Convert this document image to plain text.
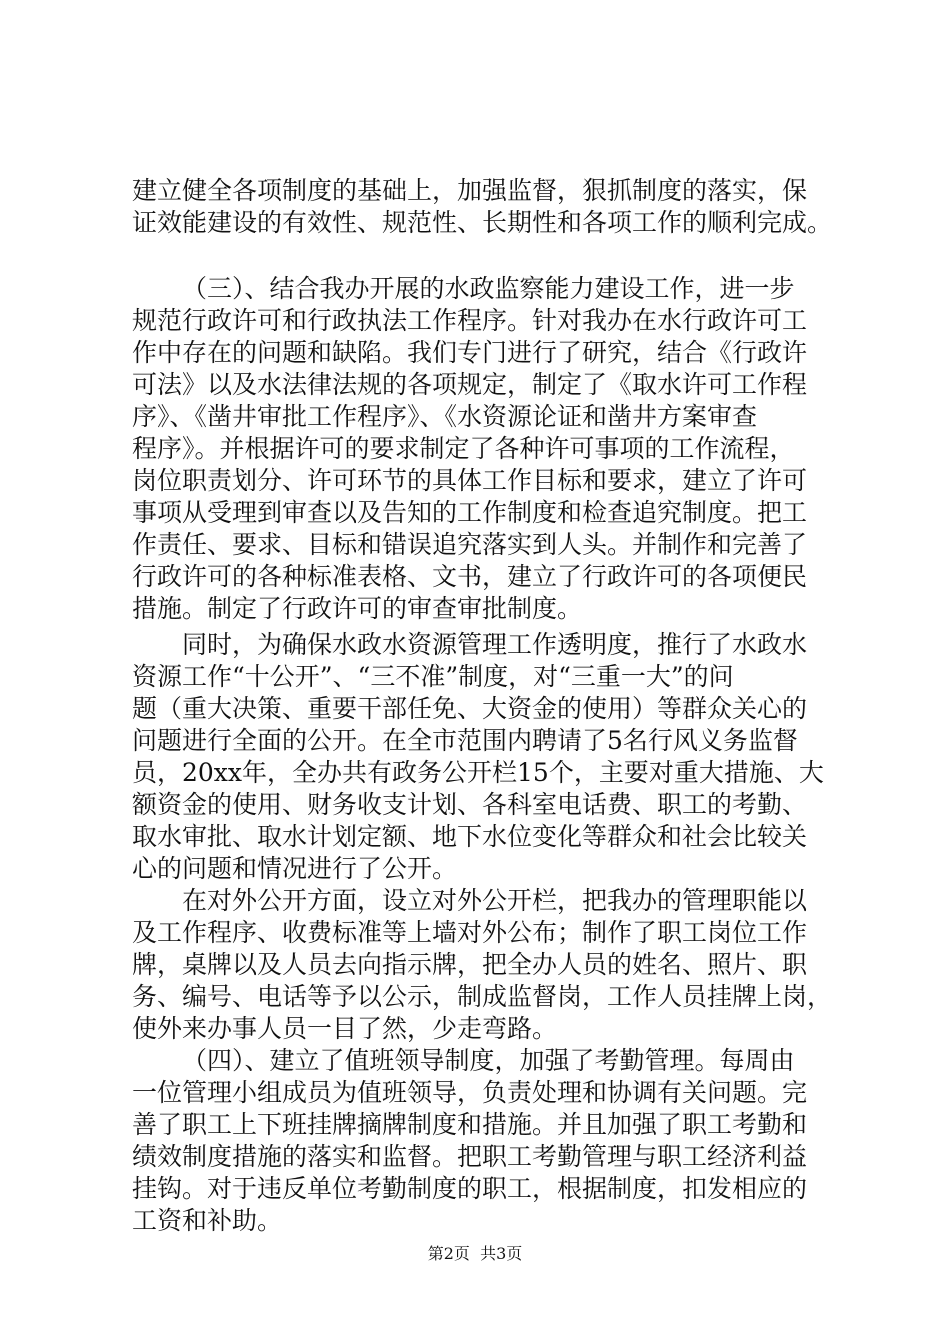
建立健全各项制度的基础上，加强监督，狠抓制度的落实，保
证效能建设的有效性、规范性、长期性和各项工作的顺利完成。
（三）、结合我办开展的水政监察能力建设工作，进一步
规范行政许可和行政执法工作程序。针对我办在水行政许可工
作中存在的问题和缺陷。我们专门进行了研究，结合《行政许
可法》以及水法律法规的各项规定，制定了《取水许可工作程
序》、《凿井审批工作程序》、《水资源论证和凿井方案审查
程序》。并根据许可的要求制定了各种许可事项的工作流程，
岗位职责划分、许可环节的具体工作目标和要求，建立了许可
事项从受理到审查以及告知的工作制度和检查追究制度。把工
作责任、要求、目标和错误追究落实到人头。并制作和完善了
行政许可的各种标准表格、文书，建立了行政许可的各项便民
措施。制定了行政许可的审查审批制度。
同时，为确保水政水资源管理工作透明度，推行了水政水
资源工作“十公开”、“三不准”制度，对“三重一大”的问
题（重大决策、重要干部任免、大资金的使用）等群众关心的
问题进行全面的公开。在全市范围内聘请了5名行风义务监督
员，20xx年，全办共有政务公开栏15个，主要对重大措施、大
额资金的使用、财务收支计划、各科室电话费、职工的考勤、
取水审批、取水计划定额、地下水位变化等群众和社会比较关
心的问题和情况进行了公开。
在对外公开方面，设立对外公开栏，把我办的管理职能以
及工作程序、收费标准等上墙对外公布；制作了职工岗位工作
牌，桌牌以及人员去向指示牌，把全办人员的姓名、照片、职
务、编号、电话等予以公示，制成监督岗，工作人员挂牌上岗，
使外来办事人员一目了然，少走弯路。
（四）、建立了值班领导制度，加强了考勤管理。每周由
一位管理小组成员为值班领导，负责处理和协调有关问题。完
善了职工上下班挂牌摘牌制度和措施。并且加强了职工考勤和
绩效制度措施的落实和监督。把职工考勤管理与职工经济利益
挂钩。对于违反单位考勤制度的职工，根据制度，扣发相应的
工资和补助。
第2页  共3页
